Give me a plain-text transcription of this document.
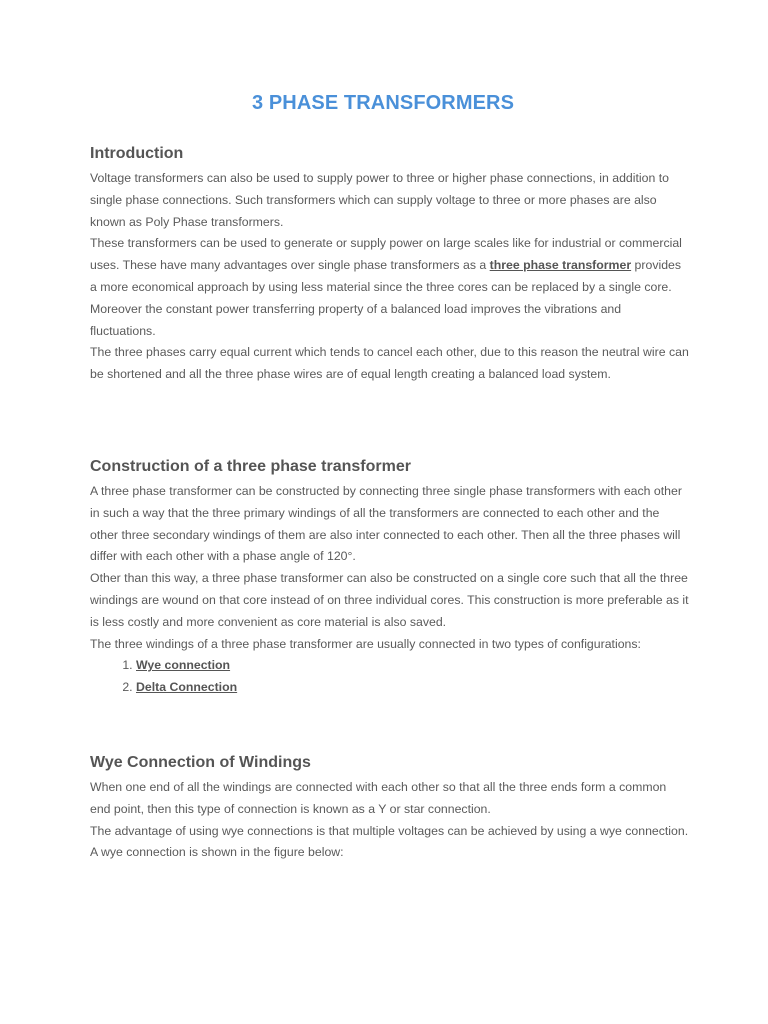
3 PHASE TRANSFORMERS
Introduction

Voltage transformers can also be used to supply power to three or higher phase connections, in addition to single phase connections. Such transformers which can supply voltage to three or more phases are also known as Poly Phase transformers.

These transformers can be used to generate or supply power on large scales like for industrial or commercial uses. These have many advantages over single phase transformers as a three phase transformer provides a more economical approach by using less material since the three cores can be replaced by a single core.

Moreover the constant power transferring property of a balanced load improves the vibrations and fluctuations.

The three phases carry equal current which tends to cancel each other, due to this reason the neutral wire can be shortened and all the three phase wires are of equal length creating a balanced load system.

Construction of a three phase transformer

A three phase transformer can be constructed by connecting three single phase transformers with each other in such a way that the three primary windings of all the transformers are connected to each other and the other three secondary windings of them are also inter connected to each other. Then all the three phases will differ with each other with a phase angle of 120°.

Other than this way, a three phase transformer can also be constructed on a single core such that all the three windings are wound on that core instead of on three individual cores. This construction is more preferable as it is less costly and more convenient as core material is also saved.

The three windings of a three phase transformer are usually connected in two types of configurations:

1. Wye connection
2. Delta Connection
Wye Connection of Windings

When one end of all the windings are connected with each other so that all the three ends form a common end point, then this type of connection is known as a Y or star connection.

The advantage of using wye connections is that multiple voltages can be achieved by using a wye connection.

A wye connection is shown in the figure below:
